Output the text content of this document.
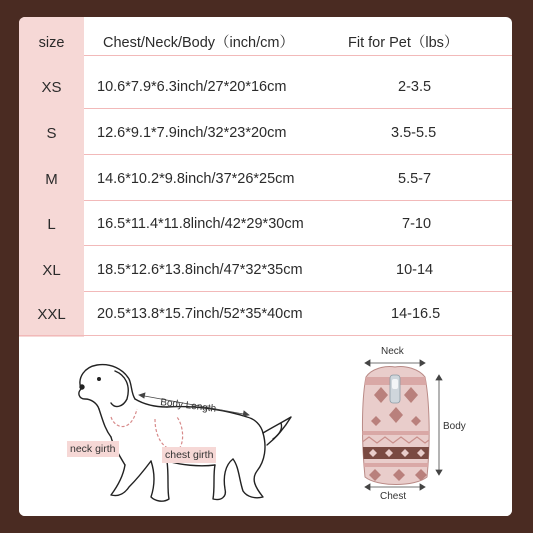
size	Chest/Neck/Body（inch/cm）	Fit for Pet（lbs）
XS	10.6*7.9*6.3inch/27*20*16cm	2-3.5
S	12.6*9.1*7.9inch/32*23*20cm	3.5-5.5
M	14.6*10.2*9.8inch/37*26*25cm	5.5-7
L	16.5*11.4*11.8linch/42*29*30cm	7-10
XL	18.5*12.6*13.8inch/47*32*35cm	10-14
XXL	20.5*13.8*15.7inch/52*35*40cm	14-16.5
Body Length
neck girth	chest girth
Neck
Body
Chest
